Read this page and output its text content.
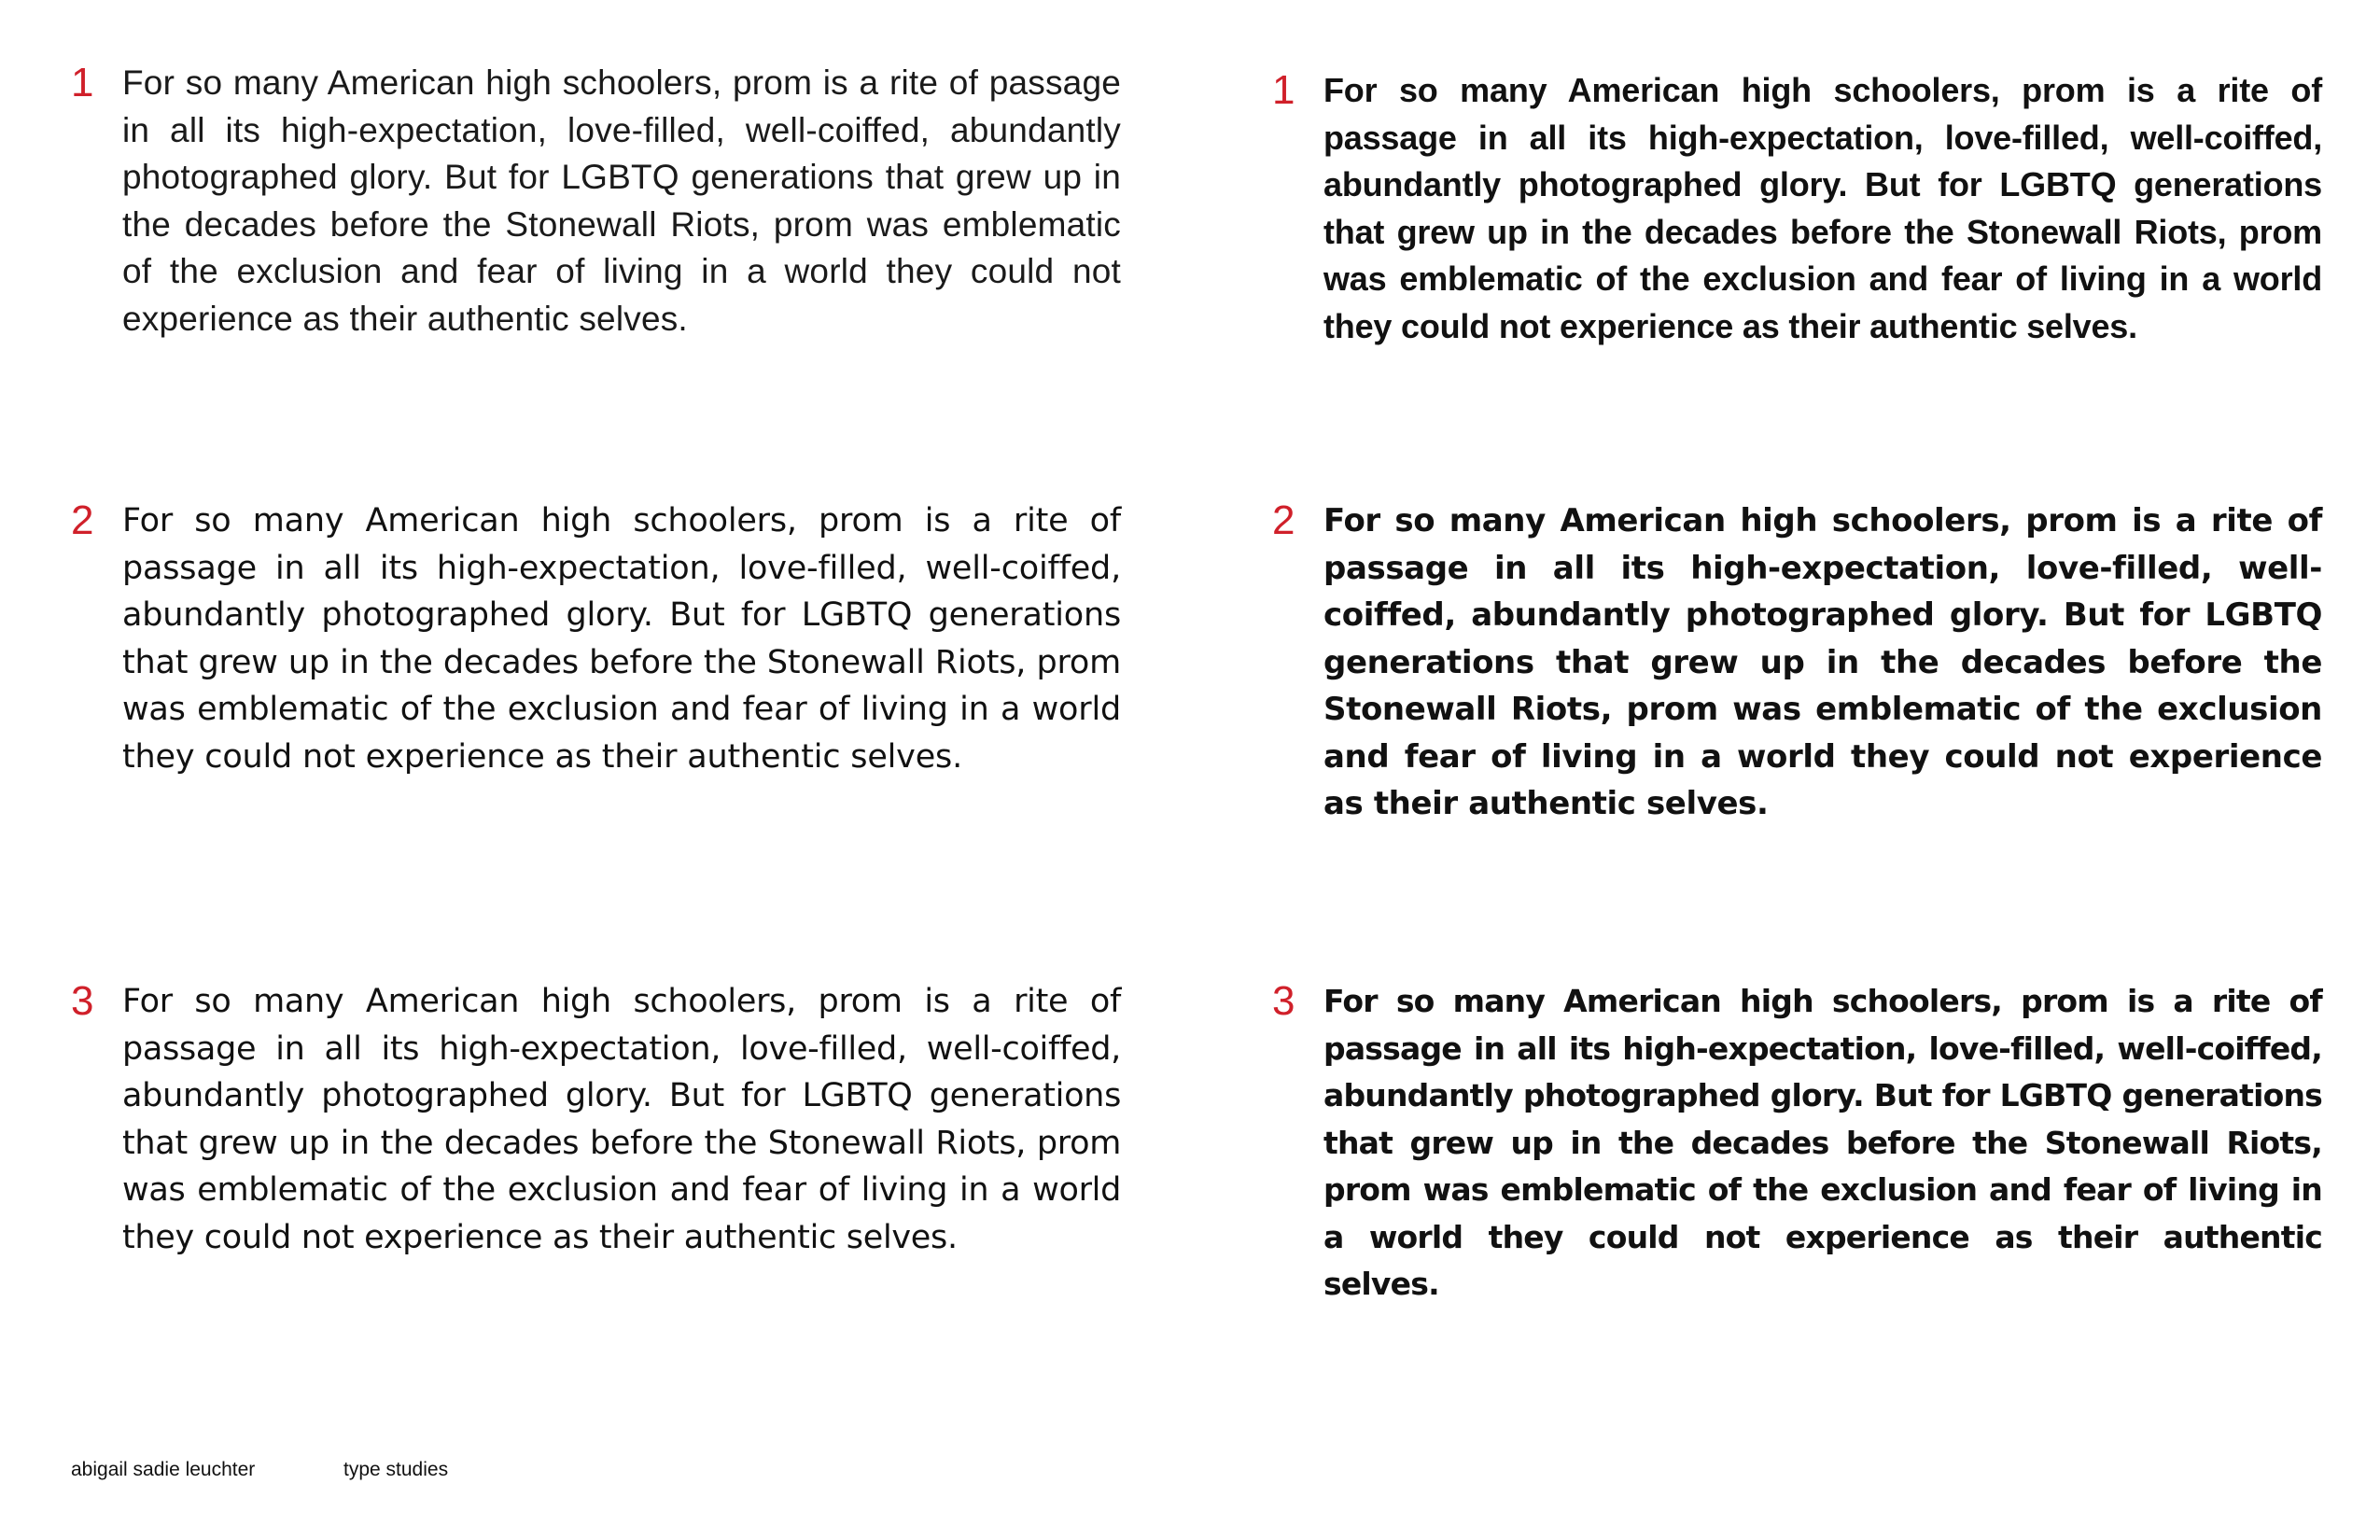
1 For so many American high schoolers, prom is a rite of passage in all its high-expectation, love-filled, well-coiffed, abundantly photographed glory. But for LGBTQ generations that grew up in the decades before the Stonewall Riots, prom was emblematic of the exclusion and fear of living in a world they could not experience as their authentic selves.

2 For so many American high schoolers, prom is a rite of passage in all its high-expectation, love-filled, well-coiffed, abundantly photographed glory. But for LGBTQ generations that grew up in the decades before the Stonewall Riots, prom was emblematic of the exclusion and fear of living in a world they could not experience as their authentic selves.

3 For so many American high schoolers, prom is a rite of passage in all its high-expectation, love-filled, well-coiffed, abundantly photographed glory. But for LGBTQ generations that grew up in the decades before the Stonewall Riots, prom was emblematic of the exclusion and fear of living in a world they could not experience as their authentic selves.

1 For so many American high schoolers, prom is a rite of passage in all its high-expectation, love-filled, well-coiffed, abundantly photographed glory. But for LGBTQ generations that grew up in the decades before the Stonewall Riots, prom was emblematic of the exclusion and fear of living in a world they could not experience as their authentic selves.

2 For so many American high schoolers, prom is a rite of passage in all its high-expectation, love-filled, well-coiffed, abundantly photographed glory. But for LGBTQ generations that grew up in the decades before the Stonewall Riots, prom was emblematic of the exclusion and fear of living in a world they could not experience as their authentic selves.

3 For so many American high schoolers, prom is a rite of passage in all its high-expectation, love-filled, well-coiffed, abundantly photographed glory. But for LGBTQ generations that grew up in the decades before the Stonewall Riots, prom was emblematic of the exclusion and fear of living in a world they could not experience as their authentic selves.

abigail sadie leuchter	type studies
